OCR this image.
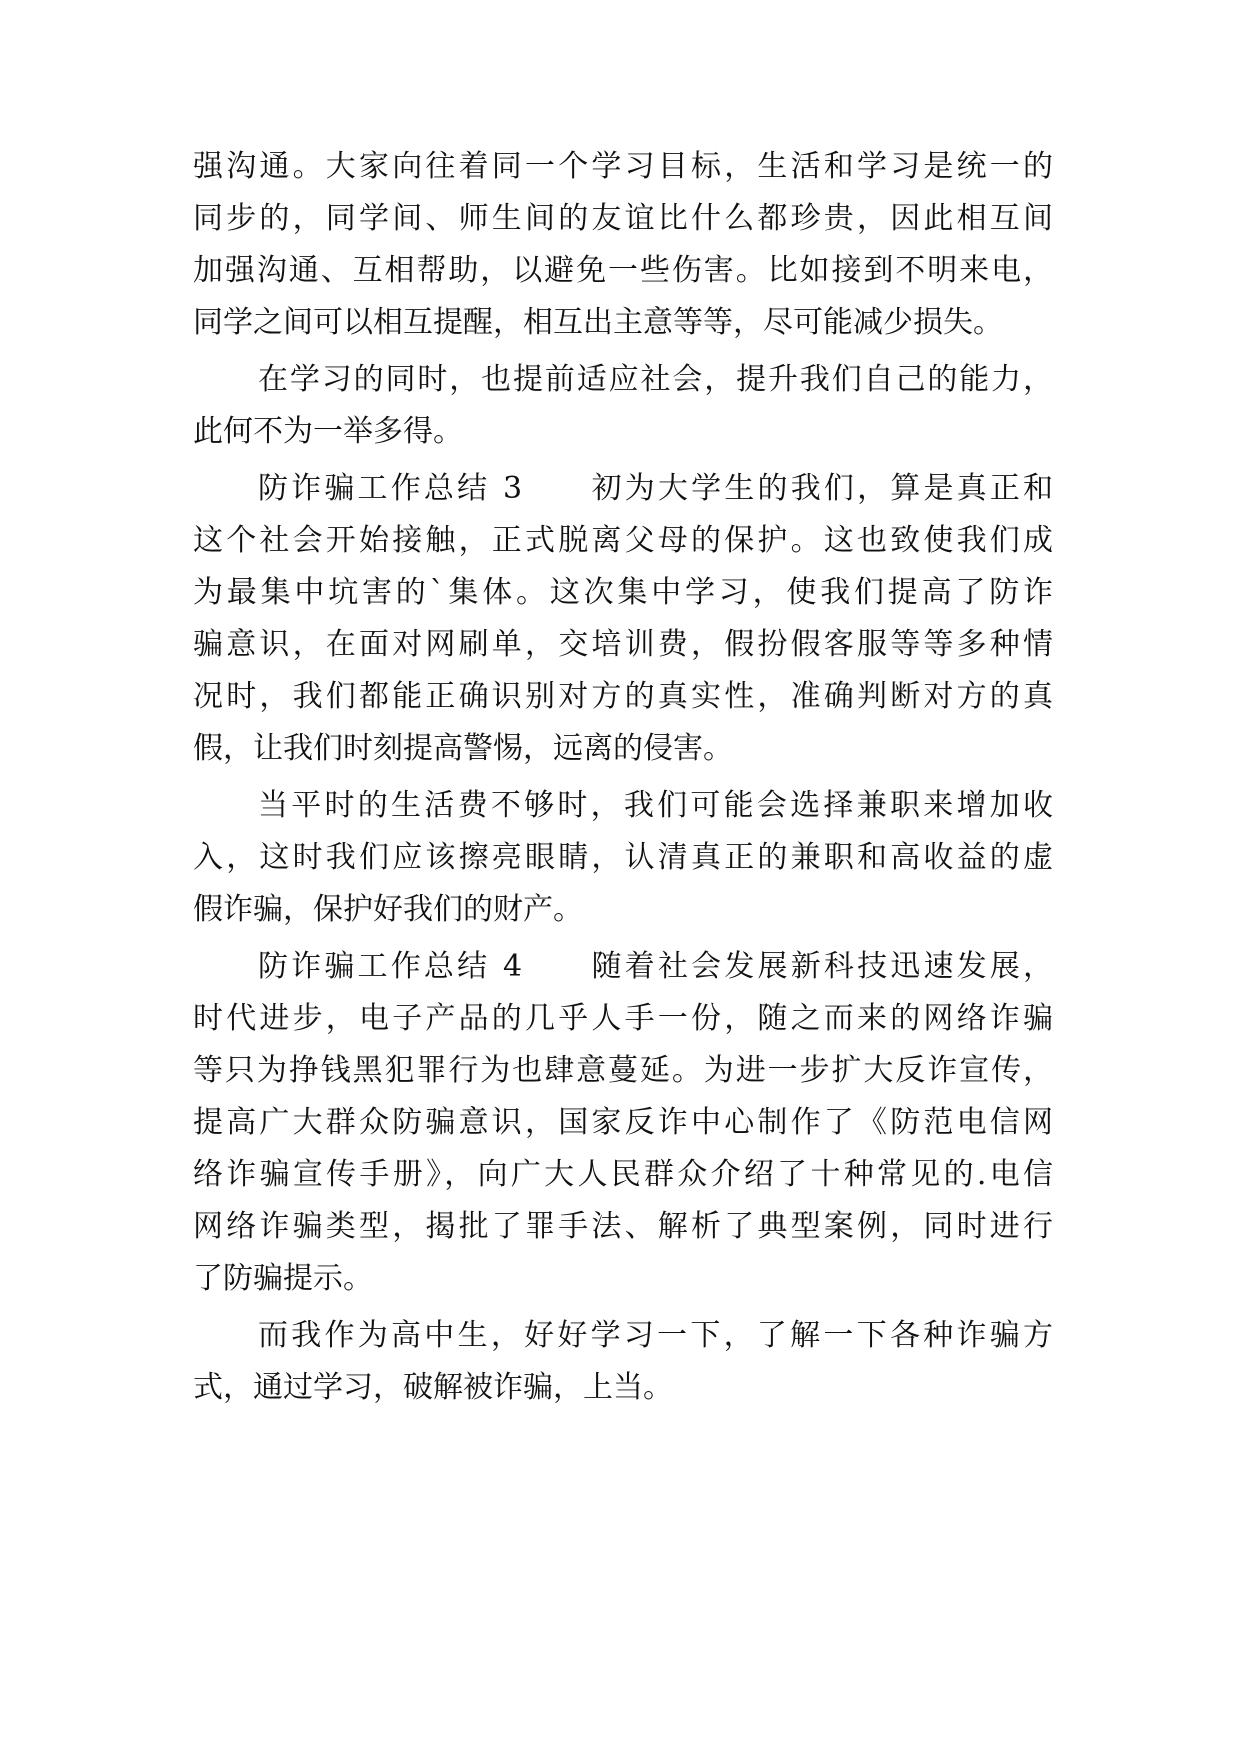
强沟通。大家向往着同一个学习目标，生活和学习是统一的
同步的，同学间、师生间的友谊比什么都珍贵，因此相互间
加强沟通、互相帮助，以避免一些伤害。比如接到不明来电，
同学之间可以相互提醒，相互出主意等等，尽可能减少损失。
在学习的同时，也提前适应社会，提升我们自己的能力，
此何不为一举多得。
防诈骗工作总结 3　　初为大学生的我们，算是真正和
这个社会开始接触，正式脱离父母的保护。这也致使我们成
为最集中坑害的`集体。这次集中学习，使我们提高了防诈
骗意识，在面对网刷单，交培训费，假扮假客服等等多种情
况时，我们都能正确识别对方的真实性，准确判断对方的真
假，让我们时刻提高警惕，远离的侵害。
当平时的生活费不够时，我们可能会选择兼职来增加收
入，这时我们应该擦亮眼睛，认清真正的兼职和高收益的虚
假诈骗，保护好我们的财产。
防诈骗工作总结 4　　随着社会发展新科技迅速发展，
时代进步，电子产品的几乎人手一份，随之而来的网络诈骗
等只为挣钱黑犯罪行为也肆意蔓延。为进一步扩大反诈宣传，
提高广大群众防骗意识，国家反诈中心制作了《防范电信网
络诈骗宣传手册》，向广大人民群众介绍了十种常见的.电信
网络诈骗类型，揭批了罪手法、解析了典型案例，同时进行
了防骗提示。
而我作为高中生，好好学习一下，了解一下各种诈骗方
式，通过学习，破解被诈骗，上当。
